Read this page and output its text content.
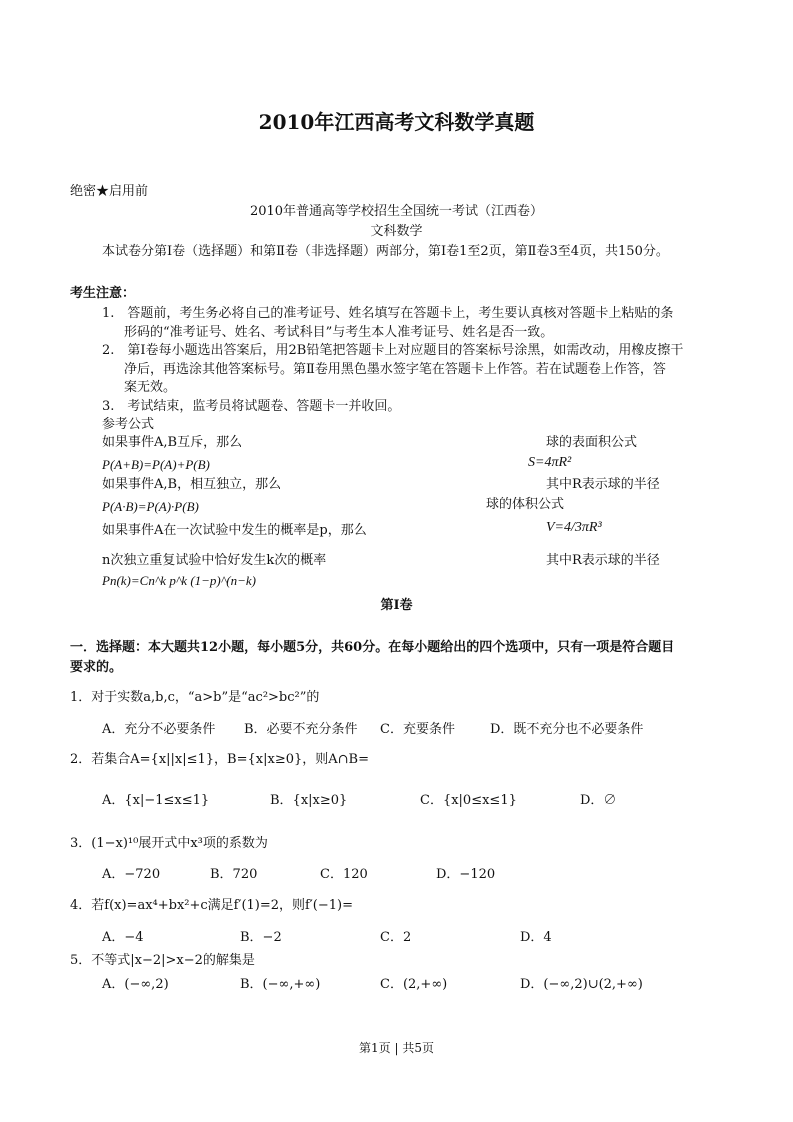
2010年江西高考文科数学真题
绝密★启用前
2010年普通高等学校招生全国统一考试（江西卷）
文科数学
本试卷分第Ⅰ卷（选择题）和第Ⅱ卷（非选择题）两部分，第Ⅰ卷1至2页，第Ⅱ卷3至4页，共150分。
考生注意：
1.　答题前，考生务必将自己的准考证号、姓名填写在答题卡上，考生要认真核对答题卡上粘贴的条
形码的“准考证号、姓名、考试科目”与考生本人准考证号、姓名是否一致。
2.　第Ⅰ卷每小题选出答案后，用2B铅笔把答题卡上对应题目的答案标号涂黑，如需改动，用橡皮擦干
净后，再选涂其他答案标号。第Ⅱ卷用黑色墨水签字笔在答题卡上作答。若在试题卷上作答，答
案无效。
3.　考试结束，监考员将试题卷、答题卡一并收回。
参考公式
如果事件A,B互斥，那么	球的表面积公式
P(A+B)=P(A)+P(B)	S=4πR²
如果事件A,B，相互独立，那么	其中R表示球的半径
P(A·B)=P(A)·P(B)	球的体积公式
如果事件A在一次试验中发生的概率是p，那么	V=4/3πR³
n次独立重复试验中恰好发生k次的概率	其中R表示球的半径
Pn(k)=Cn^k p^k (1−p)^(n−k)
第Ⅰ卷
一．选择题：本大题共12小题，每小题5分，共60分。在每小题给出的四个选项中，只有一项是符合题目
要求的。
1．对于实数a,b,c，“a>b”是“ac²>bc²”的
A．充分不必要条件 B．必要不充分条件 C．充要条件	D．既不充分也不必要条件
2．若集合A={x||x|≤1}，B={x|x≥0}，则A∩B=
A．{x|−1≤x≤1}	B．{x|x≥0}	C．{x|0≤x≤1}	D．∅
3．(1−x)¹⁰展开式中x³项的系数为
A．−720	B．720	C．120	D．−120
4．若f(x)=ax⁴+bx²+c满足f′(1)=2，则f′(−1)=
A．−4	B．−2	C．2	D．4
5．不等式|x−2|>x−2的解集是
A．(−∞,2)	B．(−∞,+∞)	C．(2,+∞)	D．(−∞,2)∪(2,+∞)
第1页 | 共5页
